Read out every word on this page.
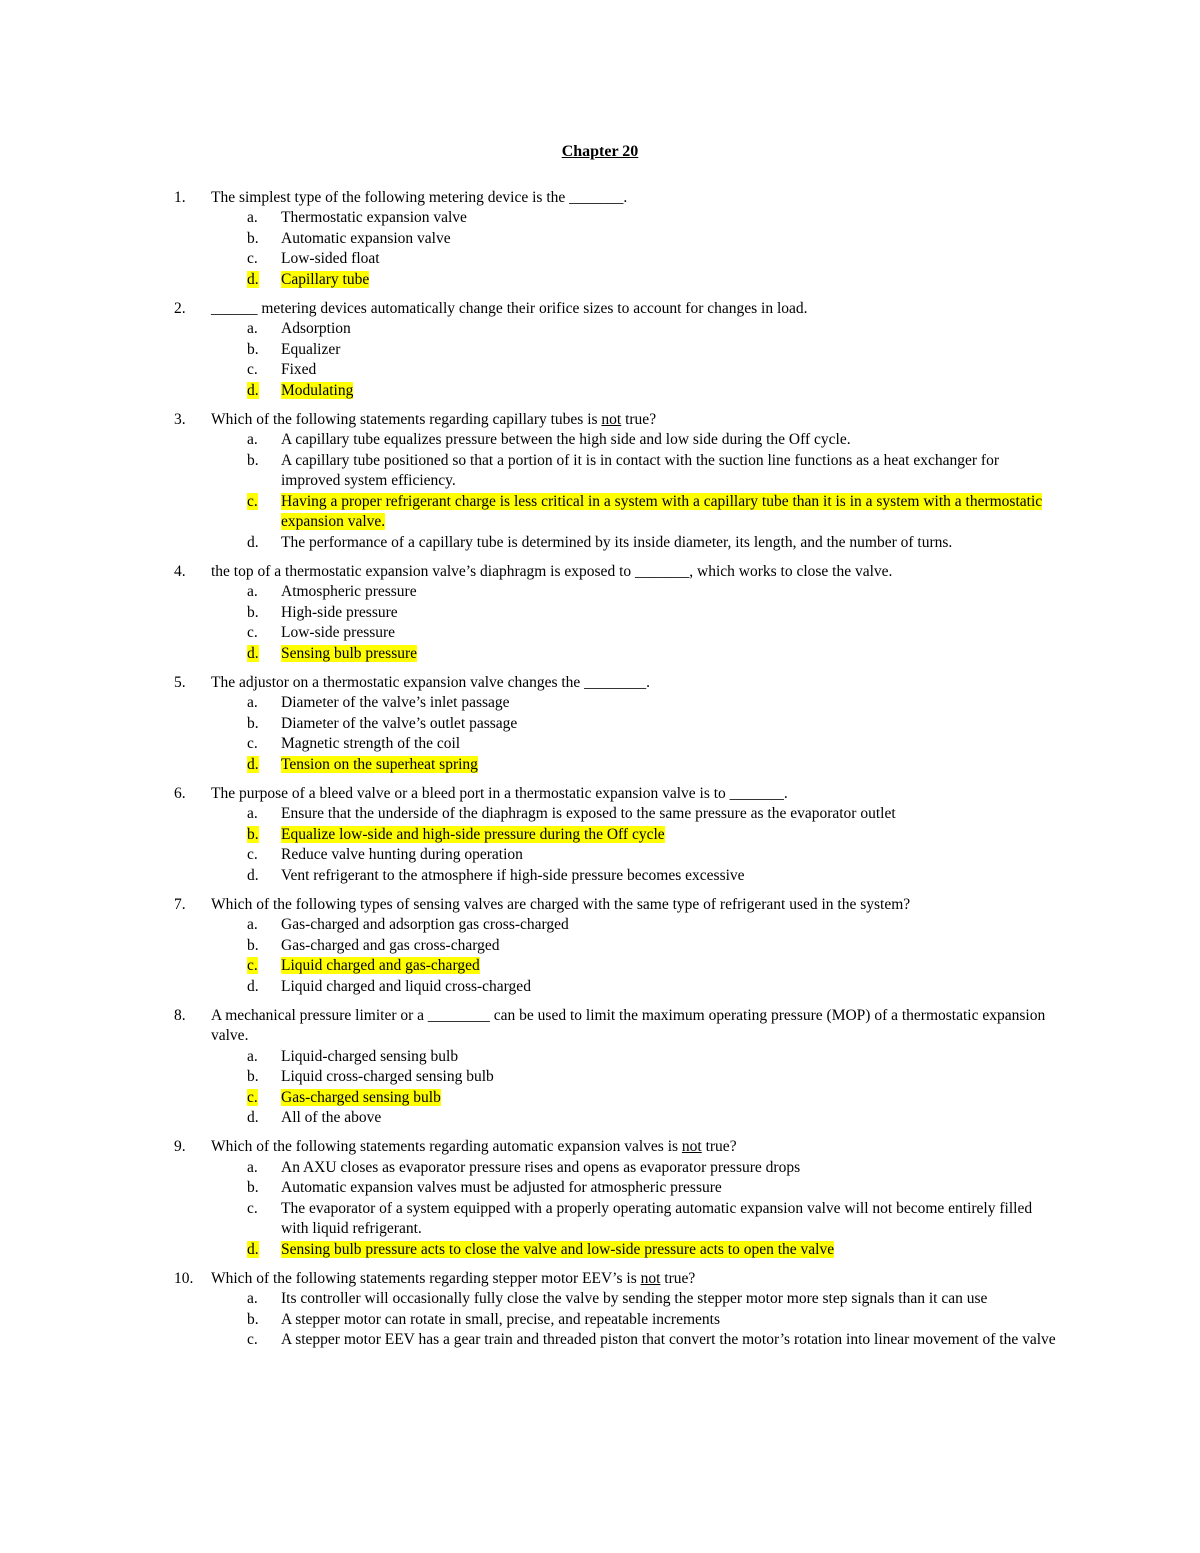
Chapter 20
1.	The simplest type of the following metering device is the _______.
a.	Thermostatic expansion valve
b.	Automatic expansion valve
c.	Low-sided float
d.	Capillary tube
2.	______ metering devices automatically change their orifice sizes to account for changes in load.
a.	Adsorption
b.	Equalizer
c.	Fixed
d.	Modulating
3.	Which of the following statements regarding capillary tubes is not true?
a.	A capillary tube equalizes pressure between the high side and low side during the Off cycle.
b.	A capillary tube positioned so that a portion of it is in contact with the suction line functions as a heat exchanger for improved system efficiency.
c.	Having a proper refrigerant charge is less critical in a system with a capillary tube than it is in a system with a thermostatic expansion valve.
d.	The performance of a capillary tube is determined by its inside diameter, its length, and the number of turns.
4.	the top of a thermostatic expansion valve’s diaphragm is exposed to _______, which works to close the valve.
a.	Atmospheric pressure
b.	High-side pressure
c.	Low-side pressure
d.	Sensing bulb pressure
5.	The adjustor on a thermostatic expansion valve changes the ________.
a.	Diameter of the valve’s inlet passage
b.	Diameter of the valve’s outlet passage
c.	Magnetic strength of the coil
d.	Tension on the superheat spring
6.	The purpose of a bleed valve or a bleed port in a thermostatic expansion valve is to _______.
a.	Ensure that the underside of the diaphragm is exposed to the same pressure as the evaporator outlet
b.	Equalize low-side and high-side pressure during the Off cycle
c.	Reduce valve hunting during operation
d.	Vent refrigerant to the atmosphere if high-side pressure becomes excessive
7.	Which of the following types of sensing valves are charged with the same type of refrigerant used in the system?
a.	Gas-charged and adsorption gas cross-charged
b.	Gas-charged and gas cross-charged
c.	Liquid charged and gas-charged
d.	Liquid charged and liquid cross-charged
8.	A mechanical pressure limiter or a ________ can be used to limit the maximum operating pressure (MOP) of a thermostatic expansion valve.
a.	Liquid-charged sensing bulb
b.	Liquid cross-charged sensing bulb
c.	Gas-charged sensing bulb
d.	All of the above
9.	Which of the following statements regarding automatic expansion valves is not true?
a.	An AXU closes as evaporator pressure rises and opens as evaporator pressure drops
b.	Automatic expansion valves must be adjusted for atmospheric pressure
c.	The evaporator of a system equipped with a properly operating automatic expansion valve will not become entirely filled with liquid refrigerant.
d.	Sensing bulb pressure acts to close the valve and low-side pressure acts to open the valve
10.	Which of the following statements regarding stepper motor EEV’s is not true?
a.	Its controller will occasionally fully close the valve by sending the stepper motor more step signals than it can use
b.	A stepper motor can rotate in small, precise, and repeatable increments
c.	A stepper motor EEV has a gear train and threaded piston that convert the motor’s rotation into linear movement of the valve
